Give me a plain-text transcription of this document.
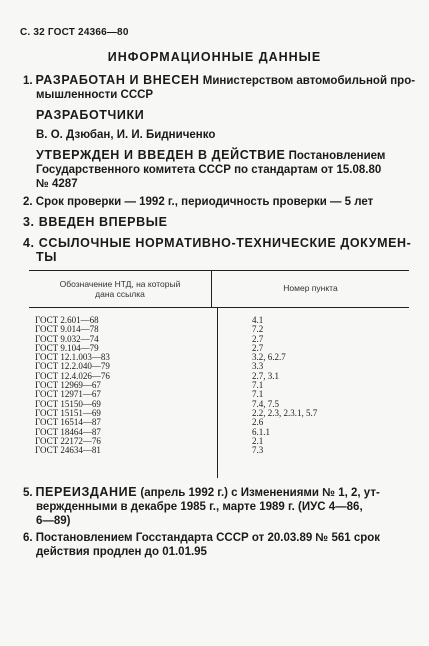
С. 32 ГОСТ 24366—80
ИНФОРМАЦИОННЫЕ ДАННЫЕ
1. РАЗРАБОТАН И ВНЕСЕН Министерством автомобильной про-
мышленности СССР
РАЗРАБОТЧИКИ
В. О. Дзюбан, И. И. Бидниченко
УТВЕРЖДЕН И ВВЕДЕН В ДЕЙСТВИЕ Постановлением
Государственного комитета СССР по стандартам от 15.08.80
№ 4287
2. Срок проверки — 1992 г., периодичность проверки — 5 лет
3. ВВЕДЕН ВПЕРВЫЕ
4. ССЫЛОЧНЫЕ НОРМАТИВНО-ТЕХНИЧЕСКИЕ ДОКУМЕН-
ТЫ
Обозначение НТД, на который
дана ссылка
Номер пункта
ГОСТ 2.601—68
ГОСТ 9.014—78
ГОСТ 9.032—74
ГОСТ 9.104—79
ГОСТ 12.1.003—83
ГОСТ 12.2.040—79
ГОСТ 12.4.026—76
ГОСТ 12969—67
ГОСТ 12971—67
ГОСТ 15150—69
ГОСТ 15151—69
ГОСТ 16514—87
ГОСТ 18464—87
ГОСТ 22172—76
ГОСТ 24634—81
4.1
7.2
2.7
2.7
3.2, 6.2.7
3.3
2.7, 3.1
7.1
7.1
7.4, 7.5
2.2, 2.3, 2.3.1, 5.7
2.6
6.1.1
2.1
7.3
5. ПЕРЕИЗДАНИЕ (апрель 1992 г.) с Изменениями № 1, 2, ут-
вержденными в декабре 1985 г., марте 1989 г. (ИУС 4—86,
6—89)
6. Постановлением Госстандарта СССР от 20.03.89 № 561 срок
действия продлен до 01.01.95
